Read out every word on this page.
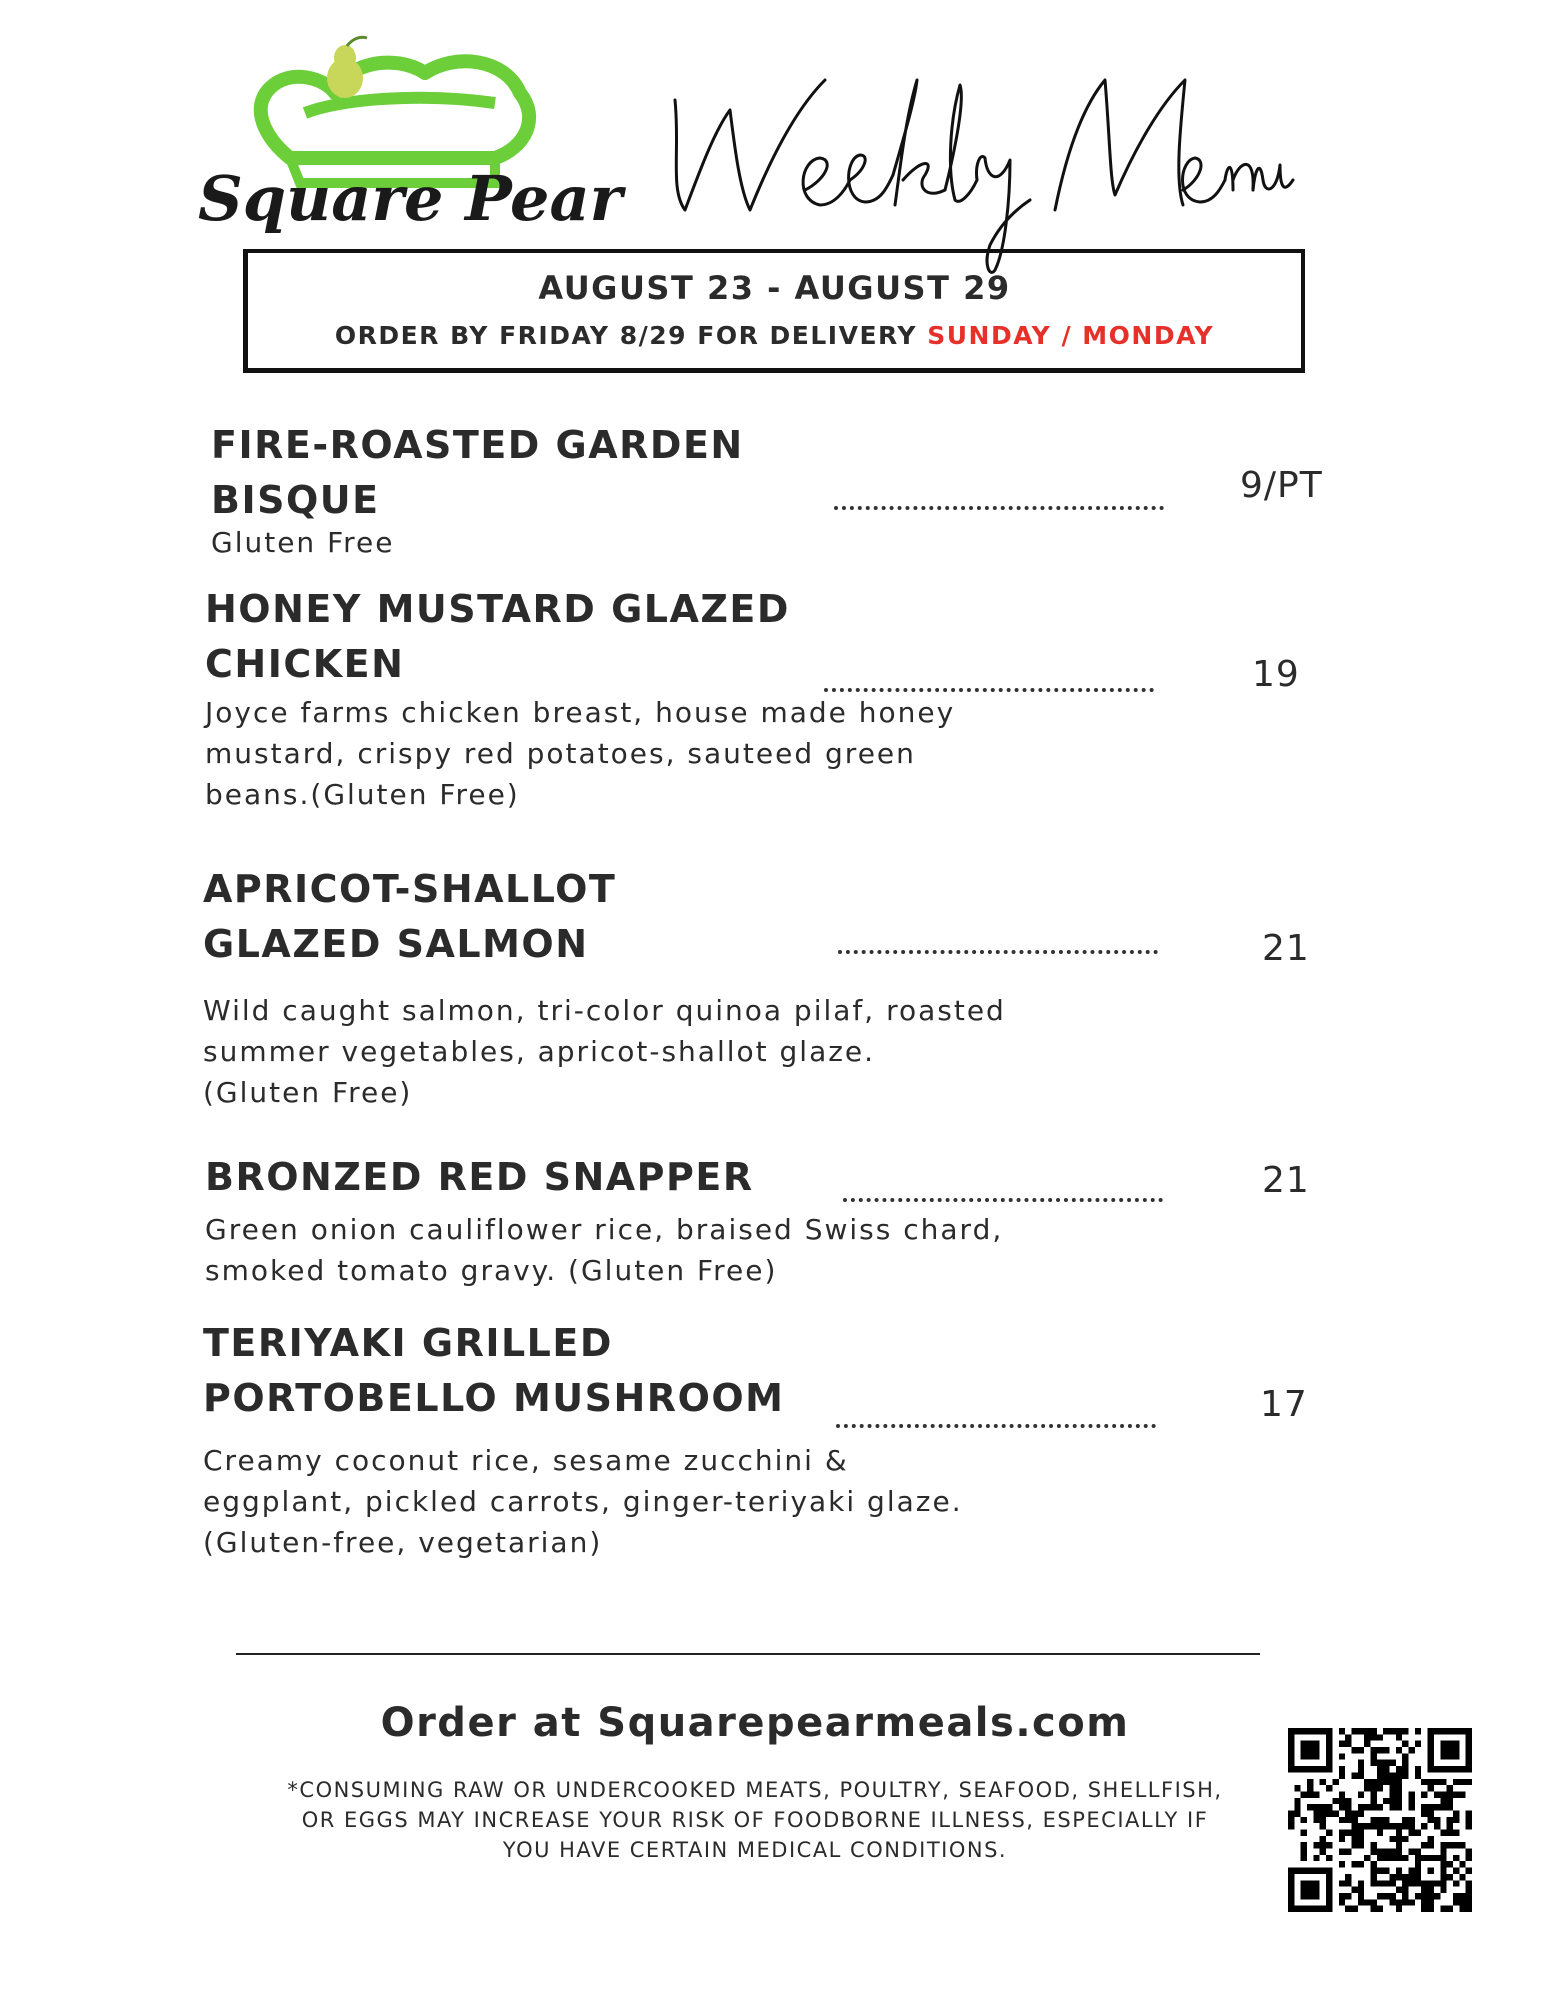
Square Pear
AUGUST 23 - AUGUST 29
ORDER BY FRIDAY 8/29 FOR DELIVERY SUNDAY / MONDAY
FIRE-ROASTED GARDEN
BISQUE
Gluten Free
9/PT
HONEY MUSTARD GLAZED
CHICKEN
Joyce farms chicken breast, house made honey
mustard, crispy red potatoes, sauteed green
beans.(Gluten Free)
19
APRICOT-SHALLOT
GLAZED SALMON
Wild caught salmon, tri-color quinoa pilaf, roasted
summer vegetables, apricot-shallot glaze.
(Gluten Free)
21
BRONZED RED SNAPPER
Green onion cauliflower rice, braised Swiss chard,
smoked tomato gravy. (Gluten Free)
21
TERIYAKI GRILLED
PORTOBELLO MUSHROOM
Creamy coconut rice, sesame zucchini &
eggplant, pickled carrots, ginger-teriyaki glaze.
(Gluten-free, vegetarian)
17
Order at Squarepearmeals.com
*CONSUMING RAW OR UNDERCOOKED MEATS, POULTRY, SEAFOOD, SHELLFISH,
OR EGGS MAY INCREASE YOUR RISK OF FOODBORNE ILLNESS, ESPECIALLY IF
YOU HAVE CERTAIN MEDICAL CONDITIONS.
